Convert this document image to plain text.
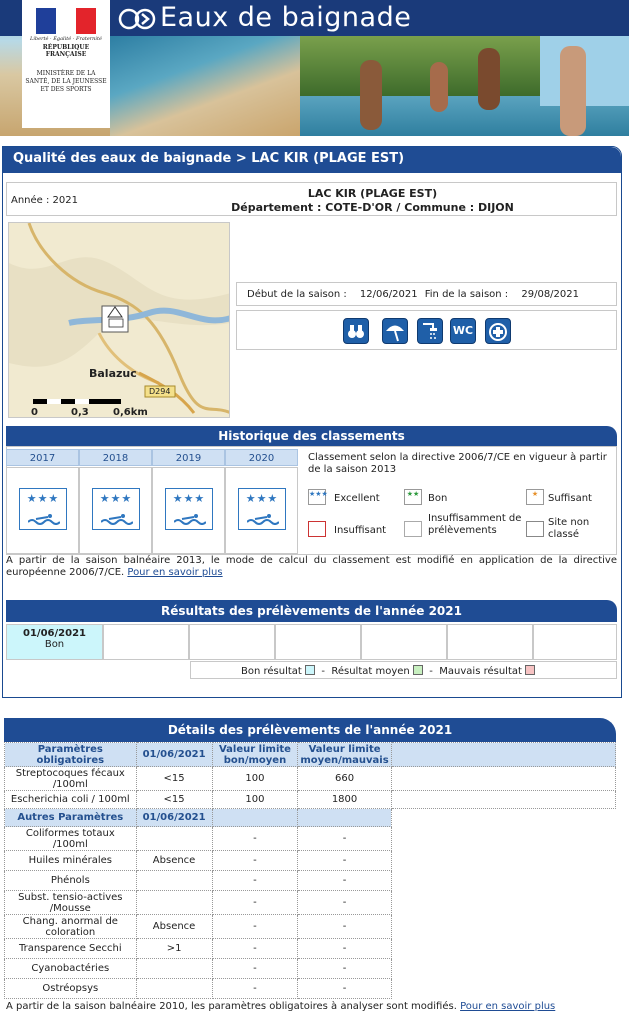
Eaux de baignade
Liberté · Égalité · Fraternité
RÉPUBLIQUE FRANÇAISE
MINISTÈRE DE LA SANTÉ, DE LA JEUNESSE ET DES SPORTS
Qualité des eaux de baignade > LAC KIR (PLAGE EST)
Année : 2021
LAC KIR (PLAGE EST)
Département : COTE-D'OR / Commune : DIJON
Balazuc
D294
0	0,3 0,6km
Début de la saison : 12/06/2021 Fin de la saison : 29/08/2021
WC
Historique des classements
2017	2018	2019	2020
★★★	★★★	★★★	★★★
Classement selon la directive 2006/7/CE en vigueur à partir de la saison 2013
★★★ Excellent	★★ Bon	★ Suffisant
Insuffisant
Insuffisamment de prélèvements
Site non classé
A partir de la saison balnéaire 2013, le mode de calcul du classement est modifié en application de la directive européenne 2006/7/CE. Pour en savoir plus
Résultats des prélèvements de l'année 2021
01/06/2021
Bon
Bon résultat   -  Résultat moyen   -  Mauvais résultat
Détails des prélèvements de l'année 2021
Paramètres obligatoires	01/06/2021	Valeur limite bon/moyen	Valeur limite moyen/mauvais	
Streptocoques fécaux /100ml	<15	100	660	
Escherichia coli / 100ml	<15	100	1800	
Autres Paramètres	01/06/2021			
Coliformes totaux /100ml		-	-	
Huiles minérales	Absence	-	-	
Phénols		-	-	
Subst. tensio-actives /Mousse		-	-	
Chang. anormal de coloration	Absence	-	-	
Transparence Secchi	>1	-	-	
Cyanobactéries		-	-	
Ostréopsys		-	-	
A partir de la saison balnéaire 2010, les paramètres obligatoires à analyser sont modifiés. Pour en savoir plus
